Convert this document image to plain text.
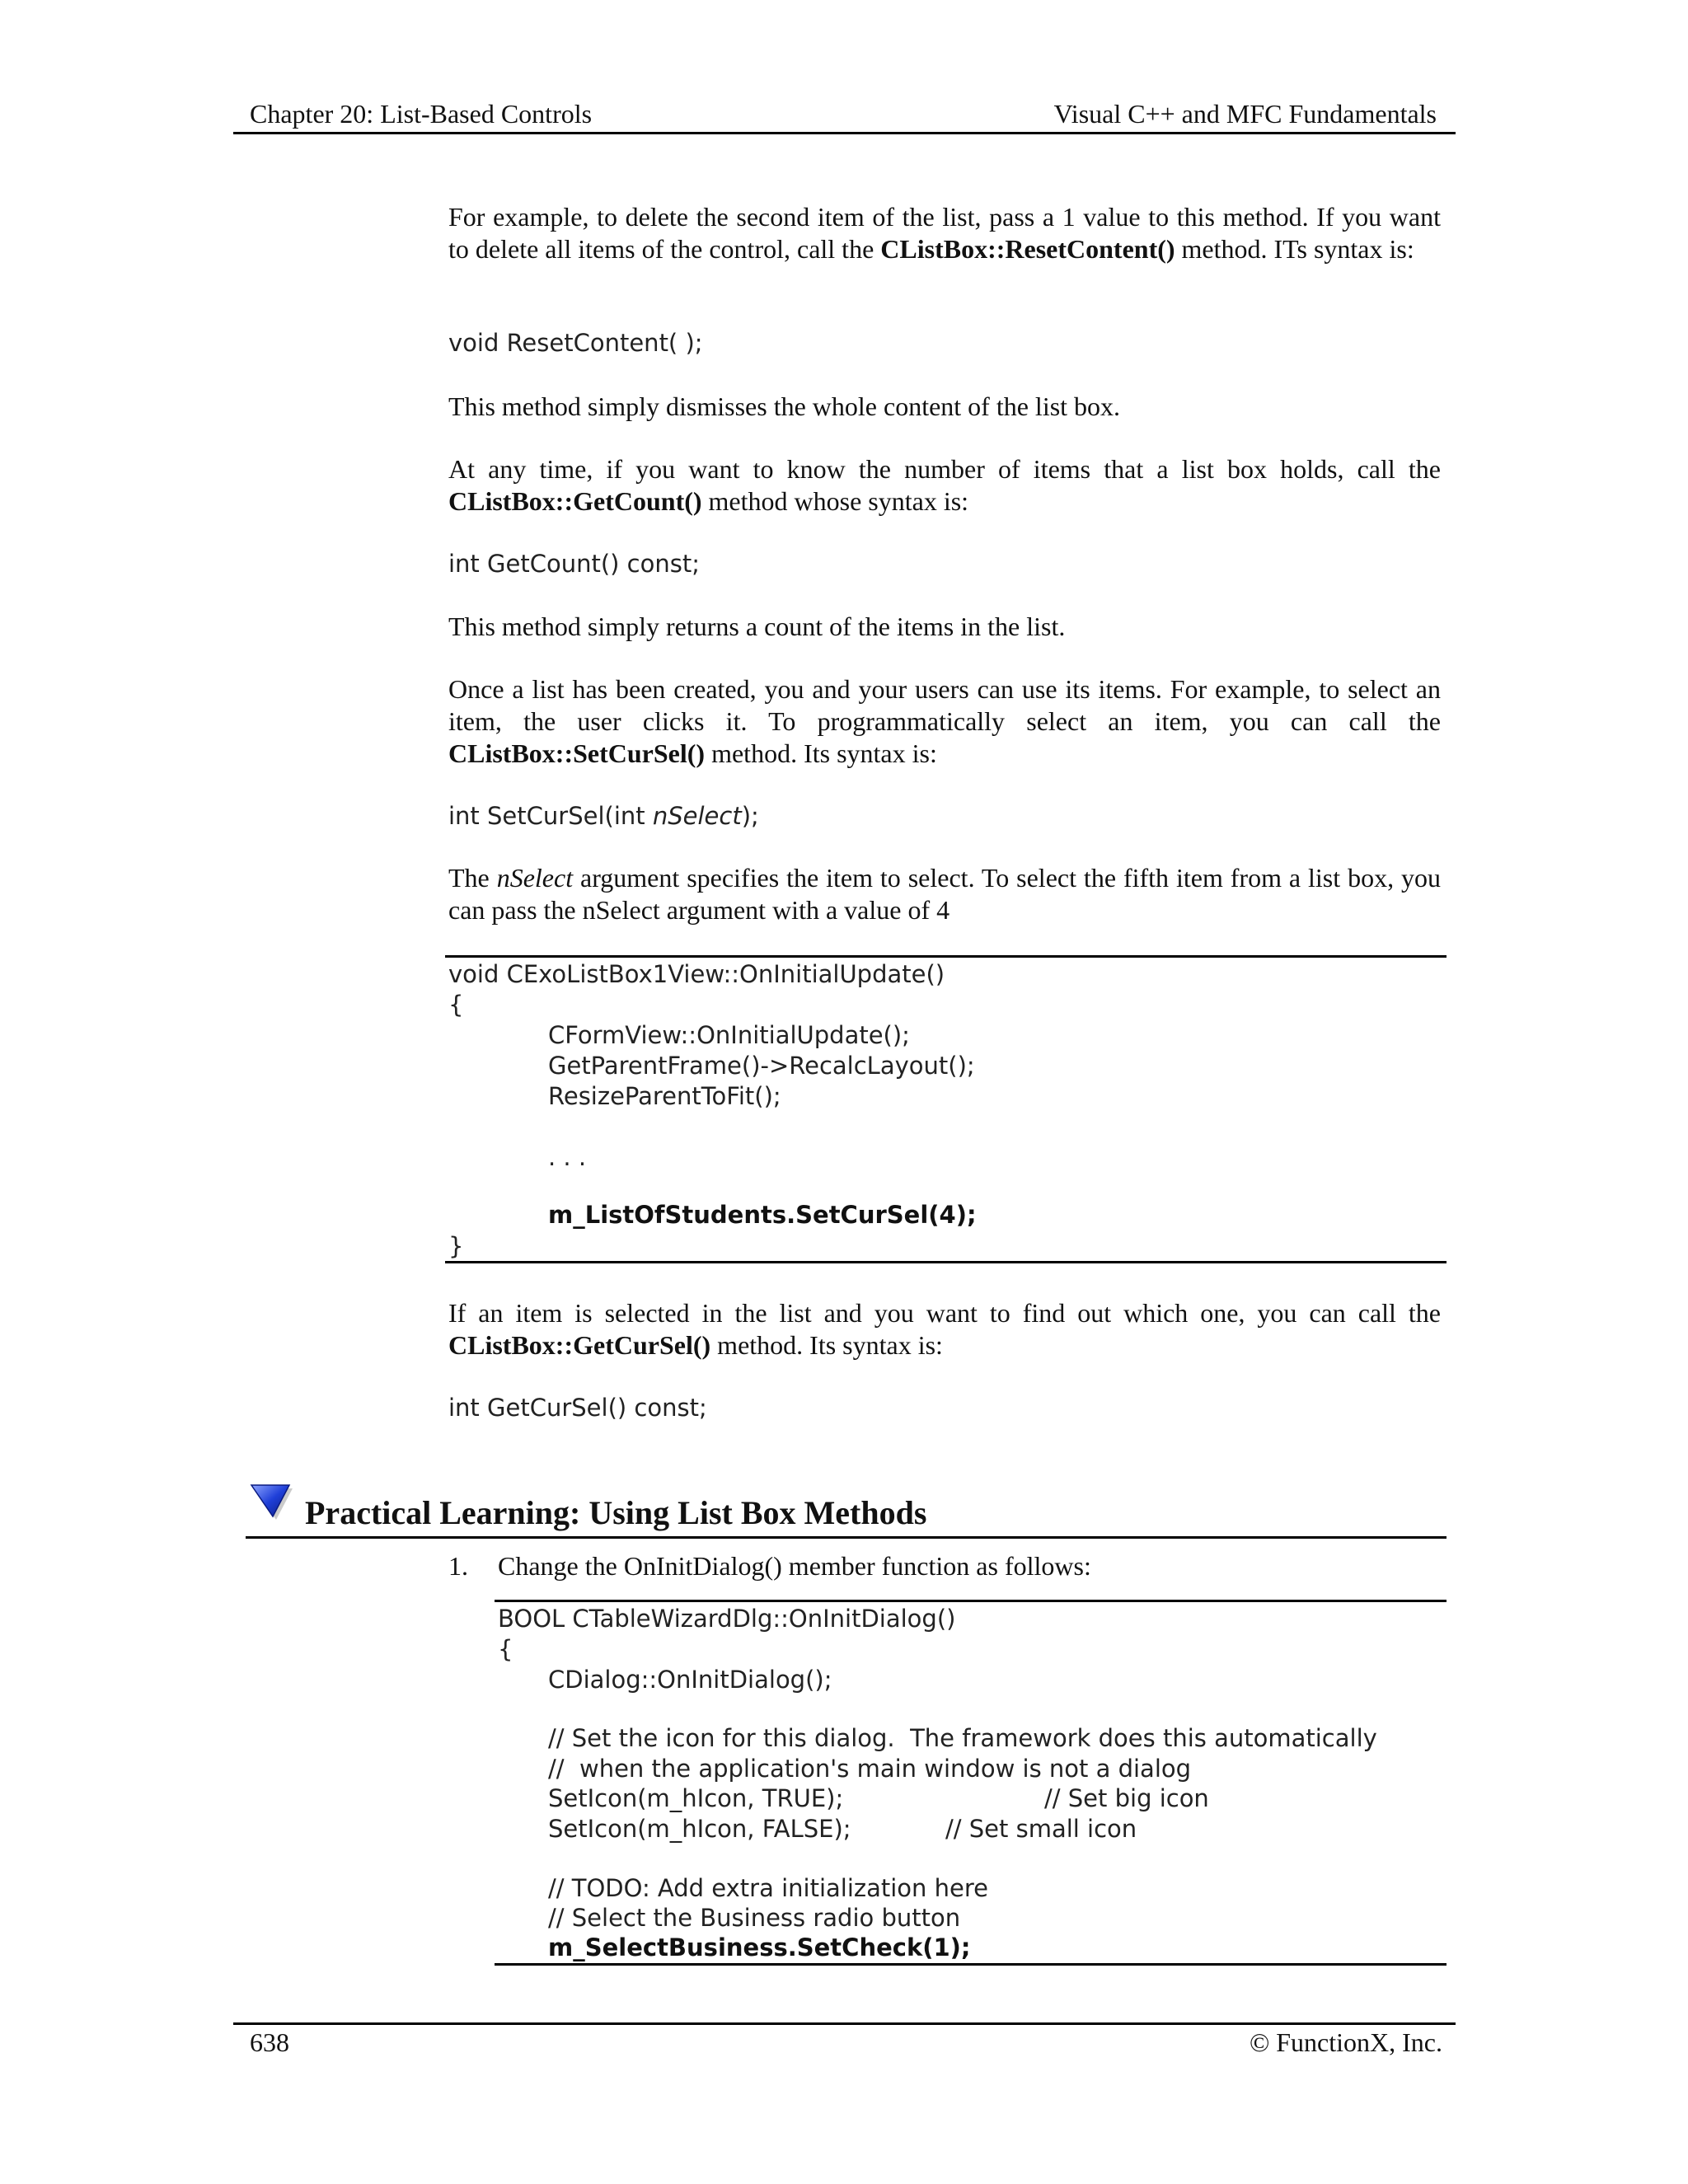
Chapter 20: List-Based Controls	Visual C++ and MFC Fundamentals
For example, to delete the second item of the list, pass a 1 value to this method. If you want to delete all items of the control, call the CListBox::ResetContent() method. ITs syntax is:
void ResetContent( );
This method simply dismisses the whole content of the list box.
At any time, if you want to know the number of items that a list box holds, call the CListBox::GetCount() method whose syntax is:
int GetCount() const;
This method simply returns a count of the items in the list.
Once a list has been created, you and your users can use its items. For example, to select an item, the user clicks it. To programmatically select an item, you can call the CListBox::SetCurSel() method. Its syntax is:
int SetCurSel(int nSelect);
The nSelect argument specifies the item to select. To select the fifth item from a list box, you can pass the nSelect argument with a value of 4
void CExoListBox1View::OnInitialUpdate()
{
CFormView::OnInitialUpdate();
GetParentFrame()->RecalcLayout();
ResizeParentToFit();
. . .
m_ListOfStudents.SetCurSel(4);
}
If an item is selected in the list and you want to find out which one, you can call the CListBox::GetCurSel() method. Its syntax is:
int GetCurSel() const;
Practical Learning: Using List Box Methods
1. Change the OnInitDialog() member function as follows:
BOOL CTableWizardDlg::OnInitDialog()
{
CDialog::OnInitDialog();
// Set the icon for this dialog.  The framework does this automatically
//  when the application's main window is not a dialog
SetIcon(m_hIcon, TRUE);	// Set big icon
SetIcon(m_hIcon, FALSE);	// Set small icon
// TODO: Add extra initialization here
// Select the Business radio button
m_SelectBusiness.SetCheck(1);
638	© FunctionX, Inc.
